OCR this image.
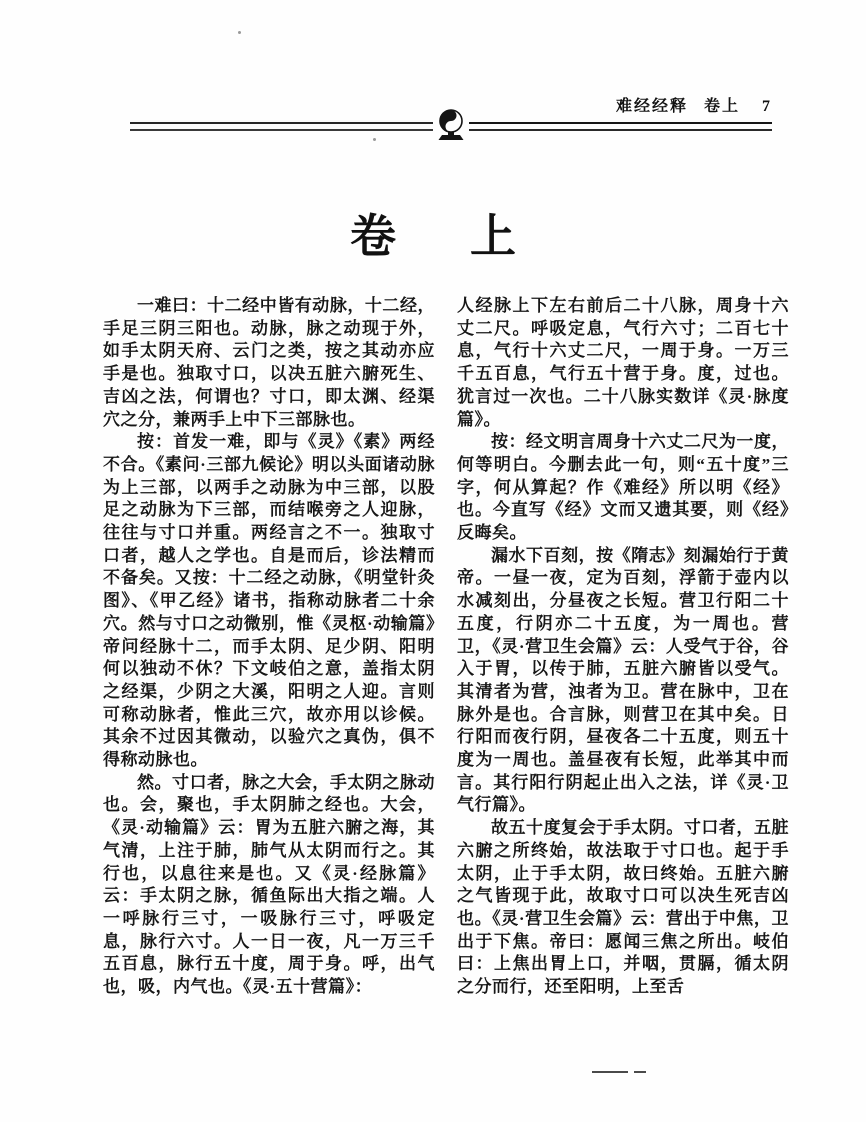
难经经释 卷上 7
卷 上

一难曰：十二经中皆有动脉，十二经，手足三阴三阳也。动脉，脉之动现于外，如手太阴天府、云门之类，按之其动亦应手是也。独取寸口，以决五脏六腑死生、吉凶之法，何谓也？寸口，即太渊、经渠穴之分，兼两手上中下三部脉也。

按：首发一难，即与《灵》《素》两经不合。《素问·三部九候论》明以头面诸动脉为上三部，以两手之动脉为中三部，以股足之动脉为下三部，而结喉旁之人迎脉，往往与寸口并重。两经言之不一。独取寸口者，越人之学也。自是而后，诊法精而不备矣。又按：十二经之动脉，《明堂针灸图》、《甲乙经》诸书，指称动脉者二十余穴。然与寸口之动微别，惟《灵枢·动输篇》帝问经脉十二，而手太阴、足少阴、阳明何以独动不休？下文岐伯之意，盖指太阴之经渠，少阴之大溪，阳明之人迎。言则可称动脉者，惟此三穴，故亦用以诊候。其余不过因其微动，以验穴之真伪，俱不得称动脉也。

然。寸口者，脉之大会，手太阴之脉动也。会，聚也，手太阴肺之经也。大会，《灵·动输篇》云：胃为五脏六腑之海，其气清，上注于肺，肺气从太阴而行之。其行也，以息往来是也。又《灵·经脉篇》云：手太阴之脉，循鱼际出大指之端。人一呼脉行三寸，一吸脉行三寸，呼吸定息，脉行六寸。人一日一夜，凡一万三千五百息，脉行五十度，周于身。呼，出气也，吸，内气也。《灵·五十营篇》：

人经脉上下左右前后二十八脉，周身十六丈二尺。呼吸定息，气行六寸；二百七十息，气行十六丈二尺，一周于身。一万三千五百息，气行五十营于身。度，过也。犹言过一次也。二十八脉实数详《灵·脉度篇》。

按：经文明言周身十六丈二尺为一度，何等明白。今删去此一句，则“五十度”三字，何从算起？作《难经》所以明《经》也。今直写《经》文而又遗其要，则《经》反晦矣。

漏水下百刻，按《隋志》刻漏始行于黄帝。一昼一夜，定为百刻，浮箭于壶内以水减刻出，分昼夜之长短。营卫行阳二十五度，行阴亦二十五度，为一周也。营卫，《灵·营卫生会篇》云：人受气于谷，谷入于胃，以传于肺，五脏六腑皆以受气。其清者为营，浊者为卫。营在脉中，卫在脉外是也。合言脉，则营卫在其中矣。日行阳而夜行阴，昼夜各二十五度，则五十度为一周也。盖昼夜有长短，此举其中而言。其行阳行阴起止出入之法，详《灵·卫气行篇》。

故五十度复会于手太阴。寸口者，五脏六腑之所终始，故法取于寸口也。起于手太阴，止于手太阴，故曰终始。五脏六腑之气皆现于此，故取寸口可以决生死吉凶也。《灵·营卫生会篇》云：营出于中焦，卫出于下焦。帝曰：愿闻三焦之所出。岐伯曰：上焦出胃上口，并咽，贯膈，循太阴之分而行，还至阳明，上至舌
